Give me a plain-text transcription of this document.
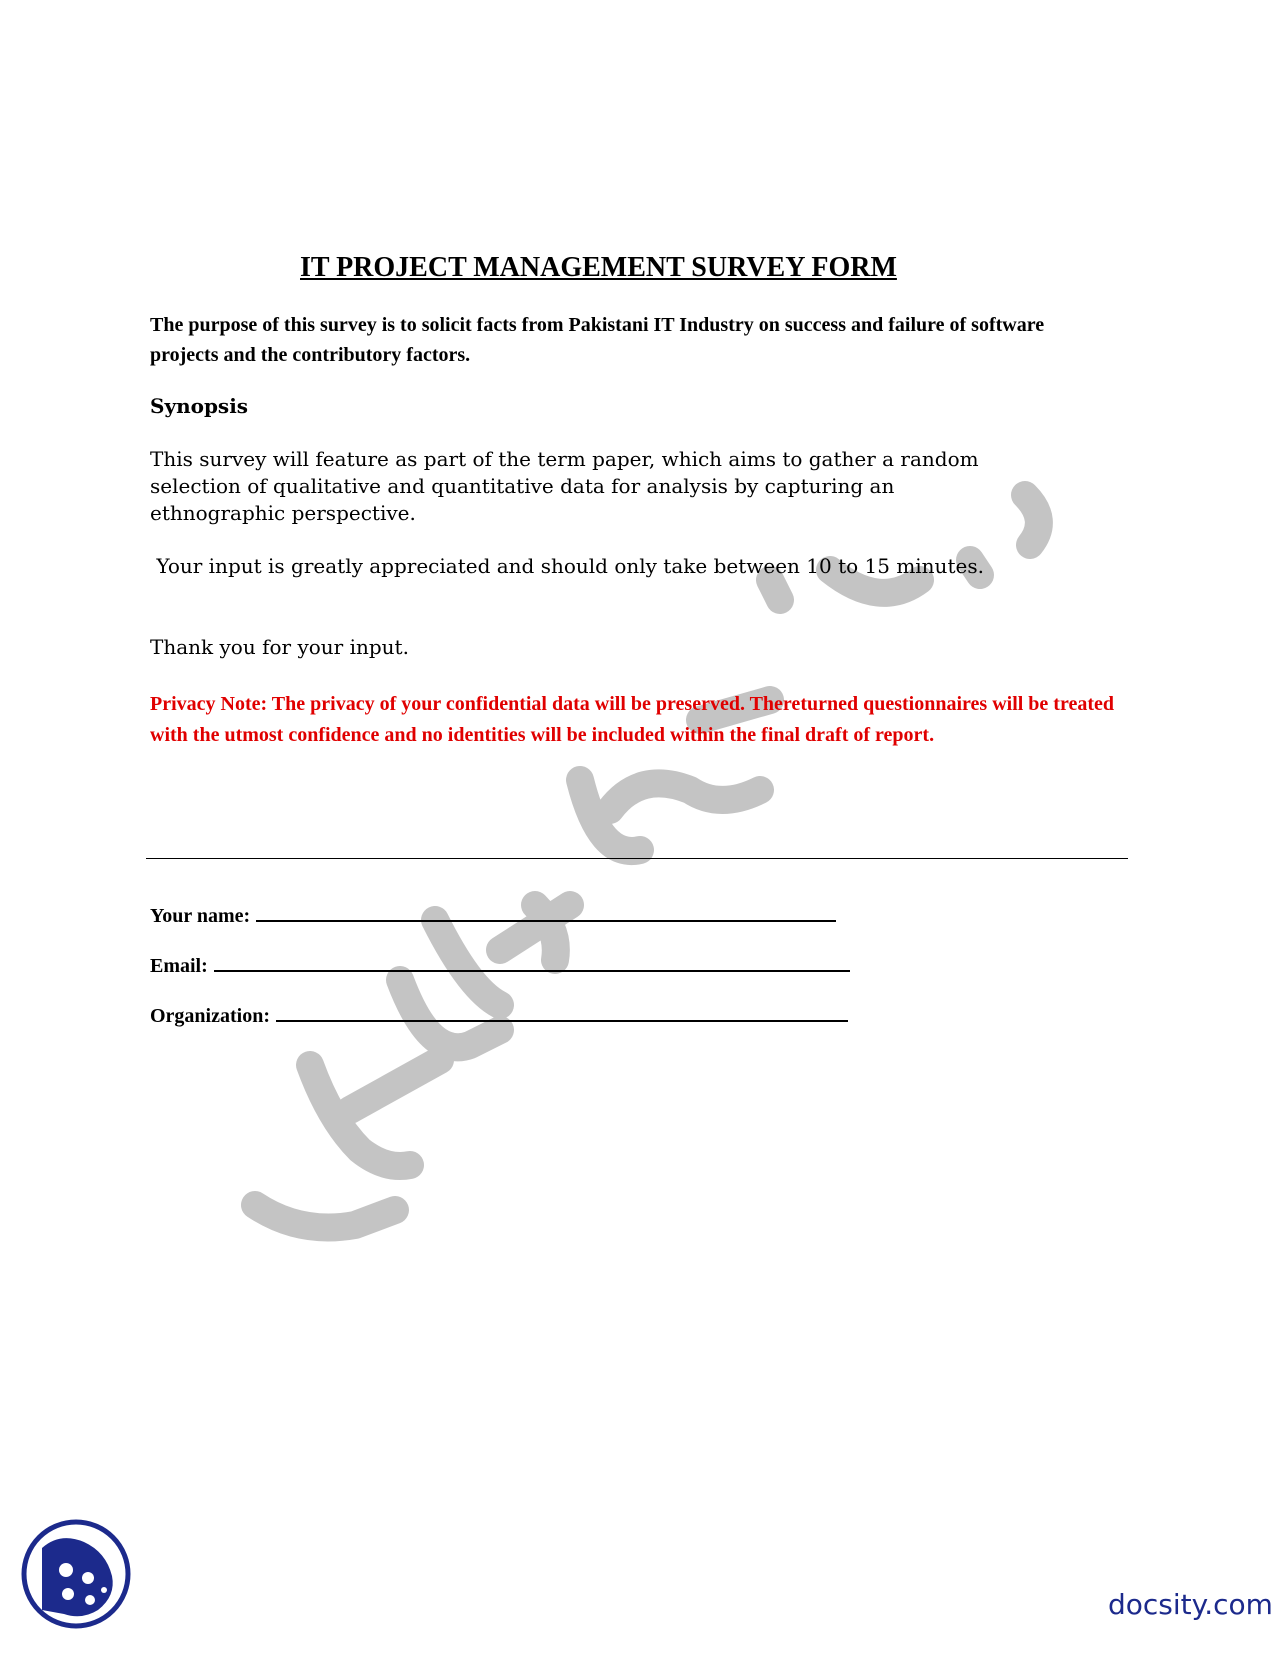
IT PROJECT MANAGEMENT SURVEY FORM
The purpose of this survey is to solicit facts from Pakistani IT Industry on success and failure of software projects and the contributory factors.
Synopsis
This survey will feature as part of the term paper, which aims to gather a random
selection of qualitative and quantitative data for analysis by capturing an
ethnographic perspective.
Your input is greatly appreciated and should only take between 10 to 15 minutes.
Thank you for your input.
Privacy Note: The privacy of your confidential data will be preserved. Thereturned questionnaires will be treated with the utmost confidence and no identities will be included within the final draft of report.
Your name:
Email:
Organization:
docsity.com
